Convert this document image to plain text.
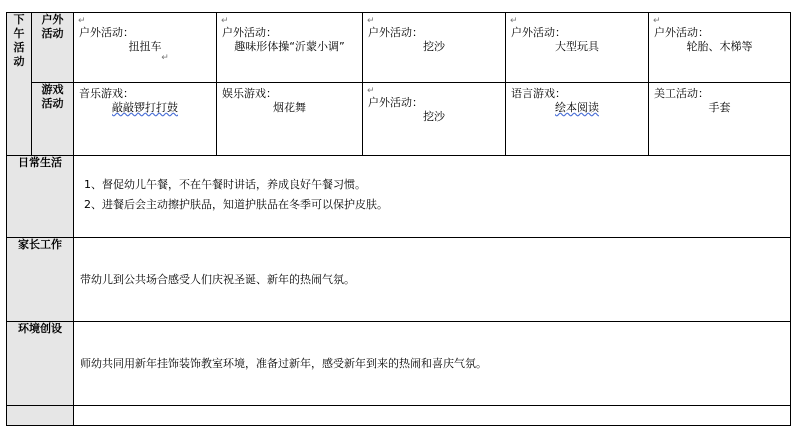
下午活动	户外活动	↵
户外活动：
扭扭车
↵	↵
户外活动：
趣味形体操“沂蒙小调”	↵
户外活动：
挖沙	↵
户外活动：
大型玩具	↵
户外活动：
轮胎、木梯等

	游戏活动	音乐游戏：
敲敲锣打打鼓	娱乐游戏：
烟花舞	↵
户外活动：
挖沙	语言游戏：
绘本阅读	美工活动：
手套

日常生活		1、督促幼儿午餐，不在午餐时讲话，养成良好午餐习惯。
2、进餐后会主动擦护肤品，知道护肤品在冬季可以保护皮肤。				

家长工作		带幼儿到公共场合感受人们庆祝圣诞、新年的热闹气氛。				

环境创设		师幼共同用新年挂饰装饰教室环境，准备过新年，感受新年到来的热闹和喜庆气氛。				
